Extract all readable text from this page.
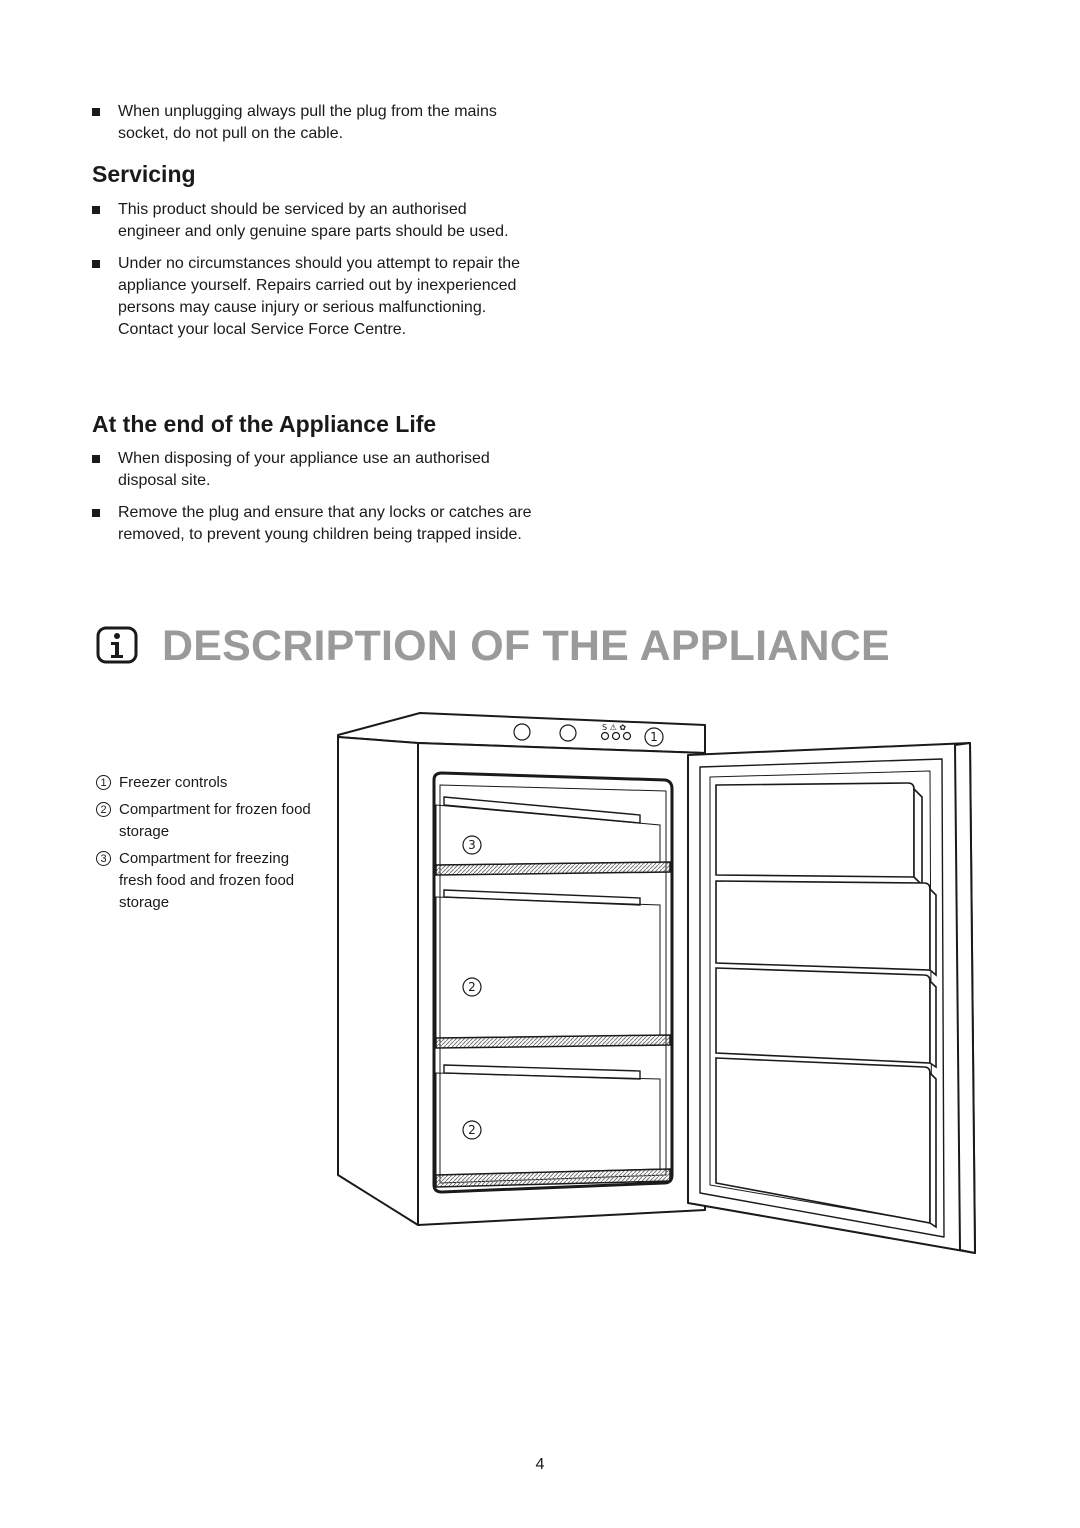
When unplugging always pull the plug from the mains socket, do not pull on the cable.

Servicing

This product should be serviced by an authorised engineer and only genuine spare parts should be used.

Under no circumstances should you attempt to repair the appliance yourself. Repairs carried out by inexperienced persons may cause injury or serious malfunctioning. Contact your local Service Force Centre.

At the end of the Appliance Life

When disposing of your appliance use an authorised disposal site.

Remove the plug and ensure that any locks or catches are removed, to prevent young children being trapped inside.

DESCRIPTION OF THE APPLIANCE
1 Freezer controls
2 Compartment for frozen food storage
3 Compartment for freezing fresh food and frozen food storage
S ⚠ ✿
1
3
2
2
4
